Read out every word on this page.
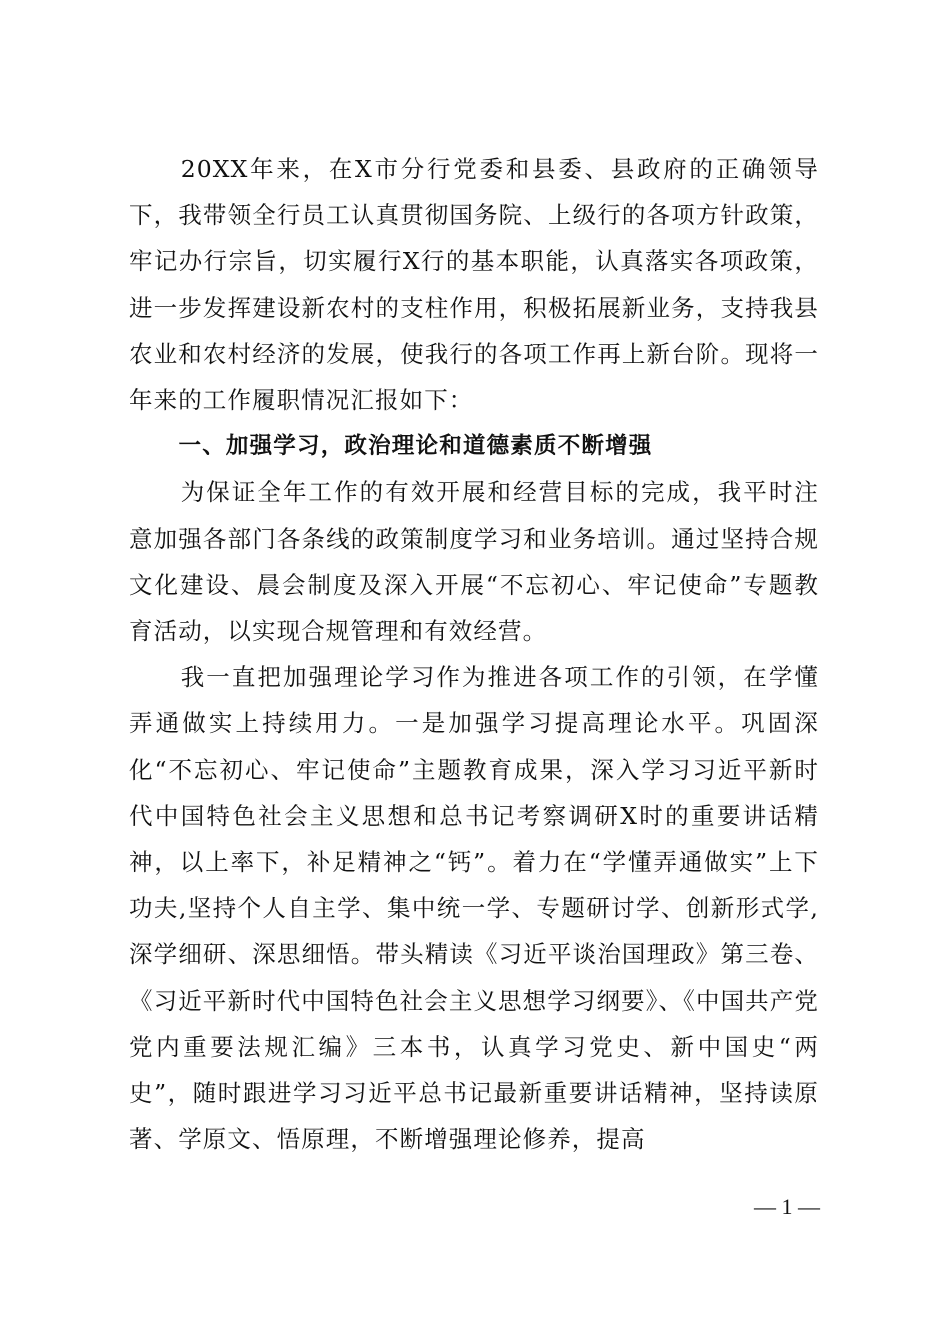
20XX年来，在X市分行党委和县委、县政府的正确领导下，我带领全行员工认真贯彻国务院、上级行的各项方针政策，牢记办行宗旨，切实履行X行的基本职能，认真落实各项政策，进一步发挥建设新农村的支柱作用，积极拓展新业务，支持我县农业和农村经济的发展，使我行的各项工作再上新台阶。现将一年来的工作履职情况汇报如下：

一、加强学习，政治理论和道德素质不断增强

为保证全年工作的有效开展和经营目标的完成，我平时注意加强各部门各条线的政策制度学习和业务培训。通过坚持合规文化建设、晨会制度及深入开展“不忘初心、牢记使命”专题教育活动，以实现合规管理和有效经营。

我一直把加强理论学习作为推进各项工作的引领，在学懂弄通做实上持续用力。一是加强学习提高理论水平。巩固深化“不忘初心、牢记使命”主题教育成果，深入学习习近平新时代中国特色社会主义思想和总书记考察调研X时的重要讲话精神，以上率下，补足精神之“钙”。着力在“学懂弄通做实”上下功夫,坚持个人自主学、集中统一学、专题研讨学、创新形式学,深学细研、深思细悟。带头精读《习近平谈治国理政》第三卷、《习近平新时代中国特色社会主义思想学习纲要》、《中国共产党党内重要法规汇编》三本书，认真学习党史、新中国史“两史”，随时跟进学习习近平总书记最新重要讲话精神，坚持读原著、学原文、悟原理，不断增强理论修养，提高

— 1 —
